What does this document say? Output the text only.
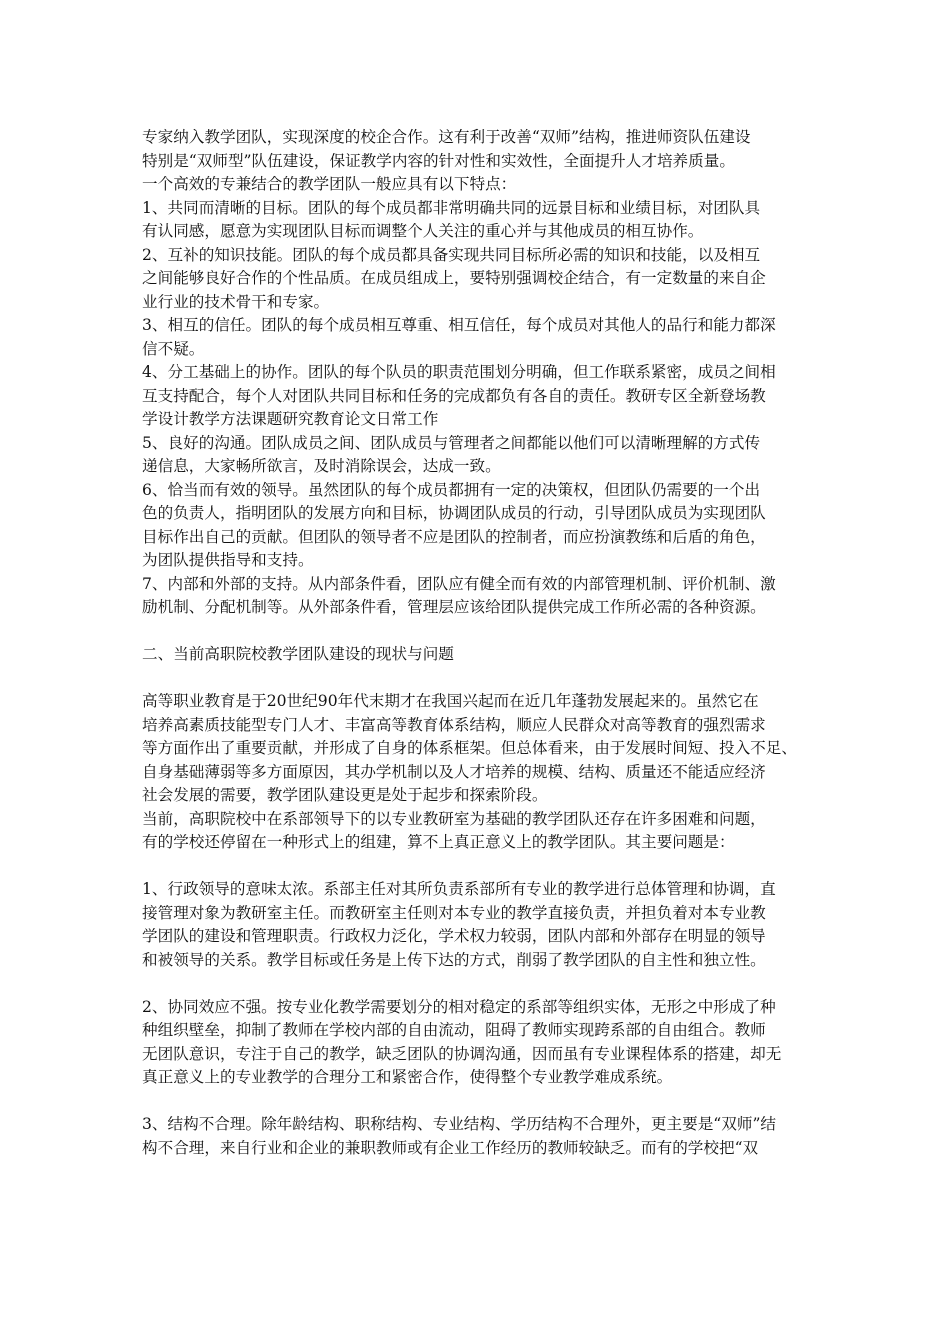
专家纳入教学团队，实现深度的校企合作。这有利于改善“双师”结构，推进师资队伍建设
特别是“双师型”队伍建设，保证教学内容的针对性和实效性，全面提升人才培养质量。
一个高效的专兼结合的教学团队一般应具有以下特点：
1、共同而清晰的目标。团队的每个成员都非常明确共同的远景目标和业绩目标，对团队具
有认同感，愿意为实现团队目标而调整个人关注的重心并与其他成员的相互协作。
2、互补的知识技能。团队的每个成员都具备实现共同目标所必需的知识和技能，以及相互
之间能够良好合作的个性品质。在成员组成上，要特别强调校企结合，有一定数量的来自企
业行业的技术骨干和专家。
3、相互的信任。团队的每个成员相互尊重、相互信任，每个成员对其他人的品行和能力都深
信不疑。
4、分工基础上的协作。团队的每个队员的职责范围划分明确，但工作联系紧密，成员之间相
互支持配合，每个人对团队共同目标和任务的完成都负有各自的责任。教研专区全新登场教
学设计教学方法课题研究教育论文日常工作
5、良好的沟通。团队成员之间、团队成员与管理者之间都能以他们可以清晰理解的方式传
递信息，大家畅所欲言，及时消除误会，达成一致。
6、恰当而有效的领导。虽然团队的每个成员都拥有一定的决策权，但团队仍需要的一个出
色的负责人，指明团队的发展方向和目标，协调团队成员的行动，引导团队成员为实现团队
目标作出自己的贡献。但团队的领导者不应是团队的控制者，而应扮演教练和后盾的角色，
为团队提供指导和支持。
7、内部和外部的支持。从内部条件看，团队应有健全而有效的内部管理机制、评价机制、激
励机制、分配机制等。从外部条件看，管理层应该给团队提供完成工作所必需的各种资源。
二、当前高职院校教学团队建设的现状与问题
高等职业教育是于20世纪90年代末期才在我国兴起而在近几年蓬勃发展起来的。虽然它在
培养高素质技能型专门人才、丰富高等教育体系结构，顺应人民群众对高等教育的强烈需求
等方面作出了重要贡献，并形成了自身的体系框架。但总体看来，由于发展时间短、投入不足、
自身基础薄弱等多方面原因，其办学机制以及人才培养的规模、结构、质量还不能适应经济
社会发展的需要，教学团队建设更是处于起步和探索阶段。
当前，高职院校中在系部领导下的以专业教研室为基础的教学团队还存在许多困难和问题，
有的学校还停留在一种形式上的组建，算不上真正意义上的教学团队。其主要问题是：
1、行政领导的意味太浓。系部主任对其所负责系部所有专业的教学进行总体管理和协调，直
接管理对象为教研室主任。而教研室主任则对本专业的教学直接负责，并担负着对本专业教
学团队的建设和管理职责。行政权力泛化，学术权力较弱，团队内部和外部存在明显的领导
和被领导的关系。教学目标或任务是上传下达的方式，削弱了教学团队的自主性和独立性。
2、协同效应不强。按专业化教学需要划分的相对稳定的系部等组织实体，无形之中形成了种
种组织壁垒，抑制了教师在学校内部的自由流动，阻碍了教师实现跨系部的自由组合。教师
无团队意识，专注于自己的教学，缺乏团队的协调沟通，因而虽有专业课程体系的搭建，却无
真正意义上的专业教学的合理分工和紧密合作，使得整个专业教学难成系统。
3、结构不合理。除年龄结构、职称结构、专业结构、学历结构不合理外，更主要是“双师”结
构不合理，来自行业和企业的兼职教师或有企业工作经历的教师较缺乏。而有的学校把“双
